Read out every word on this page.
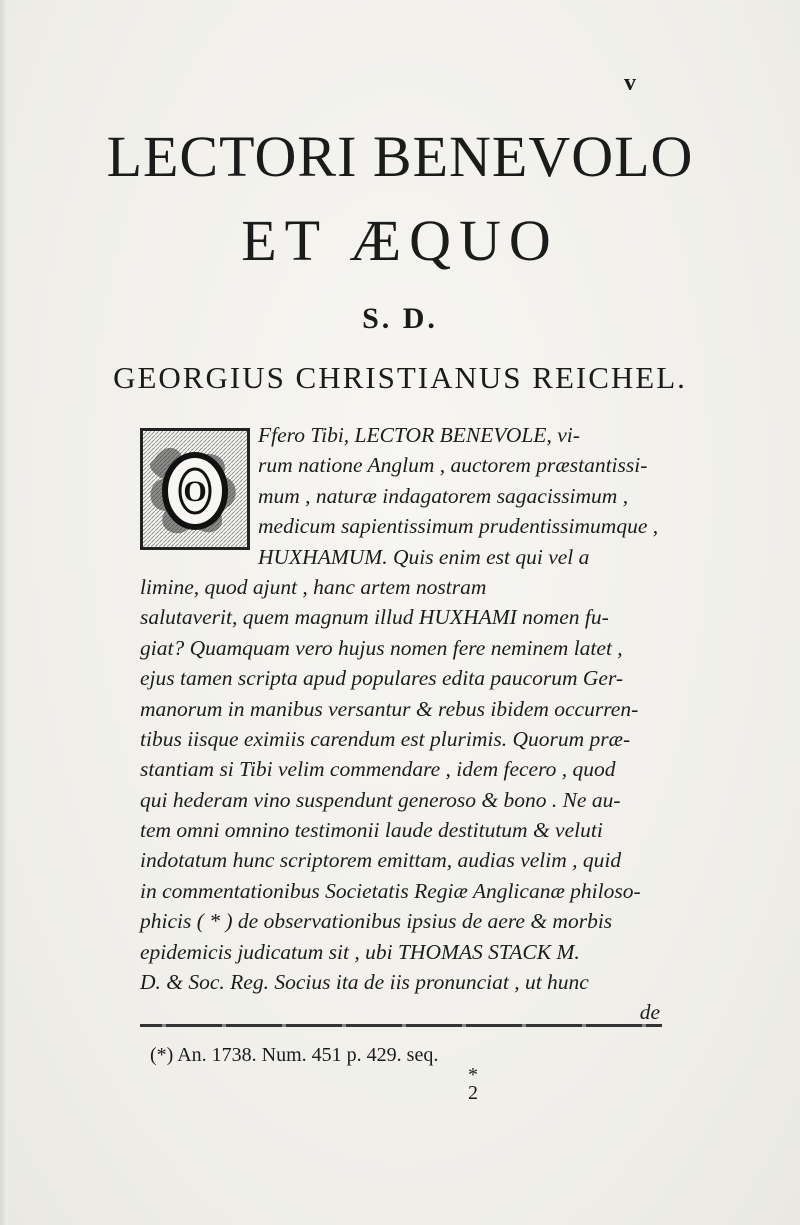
v
LECTORI BENEVOLO
ET ÆQUO
S. D.
GEORGIUS CHRISTIANUS REICHEL.
O
Ffero Tibi, LECTOR BENEVOLE, vi-
rum natione Anglum , auctorem præstantissi-
mum , naturæ indagatorem sagacissimum ,
medicum sapientissimum prudentissimumque ,
HUXHAMUM. Quis enim est qui vel a
limine, quod ajunt , hanc artem nostram
salutaverit, quem magnum illud HUXHAMI nomen fu-
giat? Quamquam vero hujus nomen fere neminem latet ,
ejus tamen scripta apud populares edita paucorum Ger-
manorum in manibus versantur & rebus ibidem occurren-
tibus iisque eximiis carendum est plurimis. Quorum præ-
stantiam si Tibi velim commendare , idem fecero , quod
qui hederam vino suspendunt generoso & bono . Ne au-
tem omni omnino testimonii laude destitutum & veluti
indotatum hunc scriptorem emittam, audias velim , quid
in commentationibus Societatis Regiæ Anglicanæ philoso-
phicis ( * ) de observationibus ipsius de aere & morbis
epidemicis judicatum sit , ubi THOMAS STACK M.
D. & Soc. Reg. Socius ita de iis pronunciat , ut hunc
de
(*) An. 1738. Num. 451 p. 429. seq.
*
2
